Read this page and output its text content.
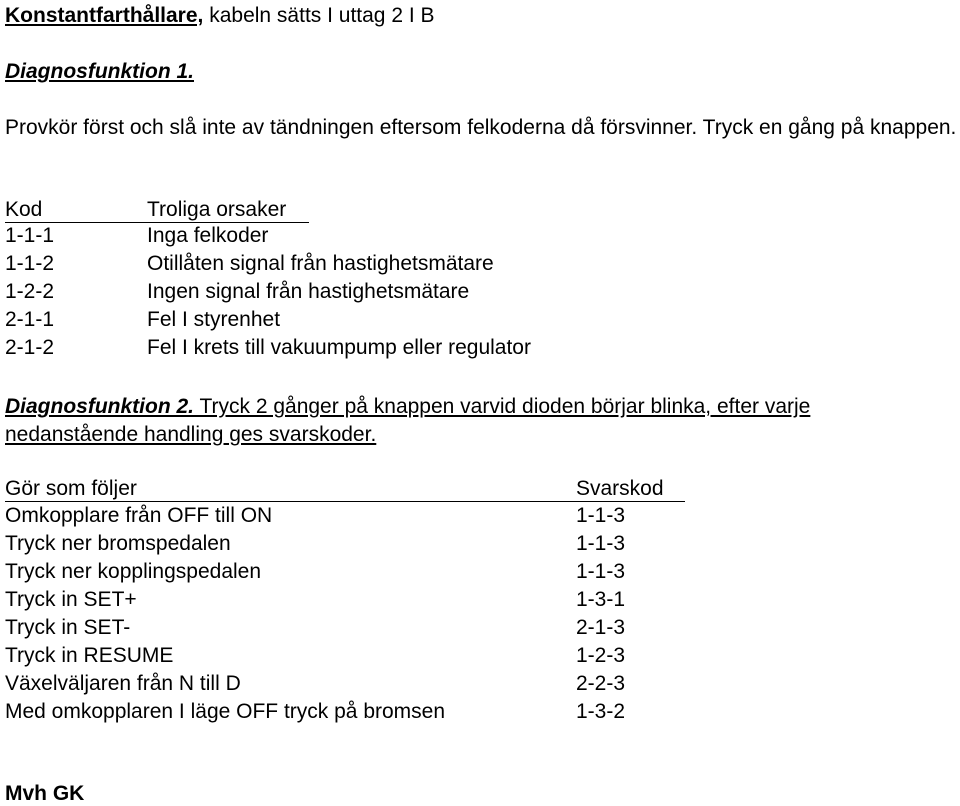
Konstantfarthållare, kabeln sätts I uttag 2 I B
Diagnosfunktion 1.
Provkör först och slå inte av tändningen eftersom felkoderna då försvinner. Tryck en gång på knappen.
Kod	Troliga orsaker
1-1-1	Inga felkoder
1-1-2	Otillåten signal från hastighetsmätare
1-2-2	Ingen signal från hastighetsmätare
2-1-1	Fel I styrenhet
2-1-2	Fel I krets till vakuumpump eller regulator
Diagnosfunktion 2. Tryck 2 gånger på knappen varvid dioden börjar blinka, efter varje nedanstående handling ges svarskoder.
Gör som följer	Svarskod
Omkopplare från OFF till ON	1-1-3
Tryck ner bromspedalen	1-1-3
Tryck ner kopplingspedalen	1-1-3
Tryck in SET+	1-3-1
Tryck in SET-	2-1-3
Tryck in RESUME	1-2-3
Växelväljaren från N till D	2-2-3
Med omkopplaren I läge OFF tryck på bromsen	1-3-2
Mvh GK
